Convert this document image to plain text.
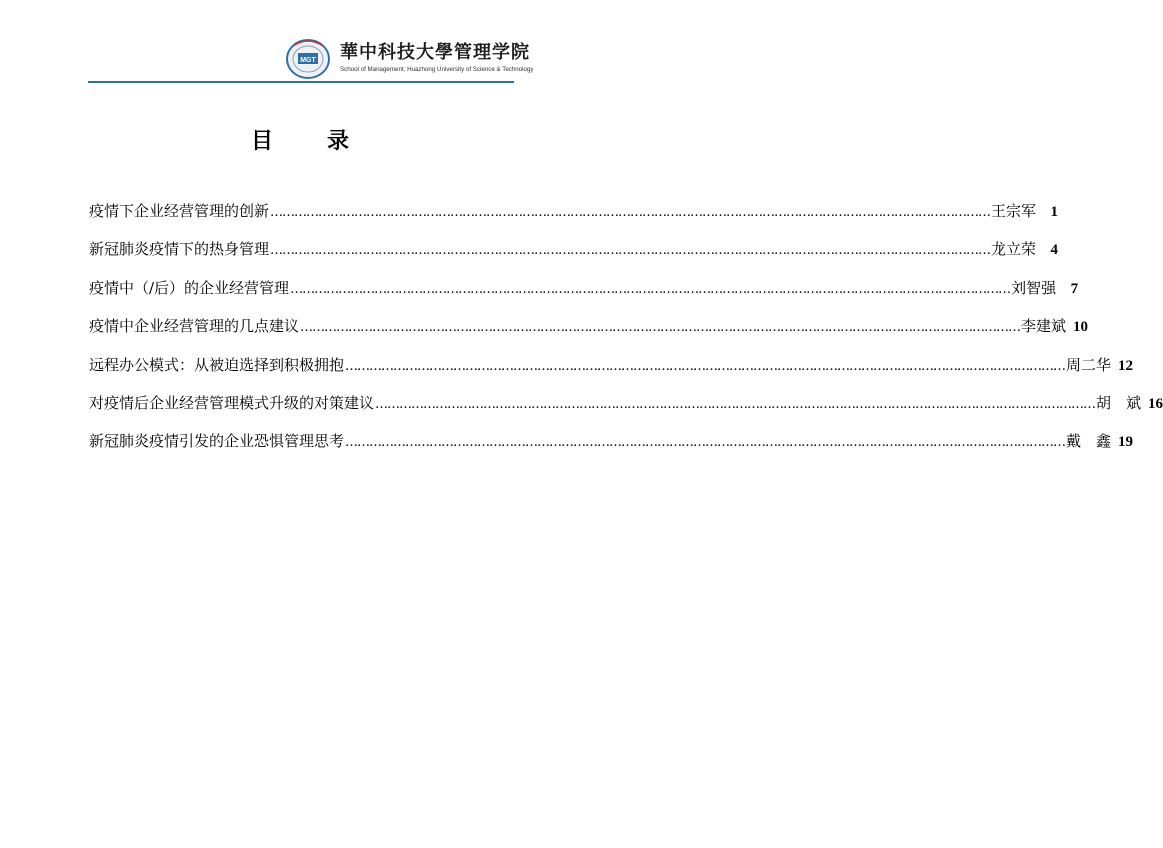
MGT 華中科技大學管理学院
School of Management, Huazhong University of Science & Technology
目　录
疫情下企业经营管理的创新 ……………………………………………………………………………………………………………………………………………………………… 王宗军 1
新冠肺炎疫情下的热身管理 ……………………………………………………………………………………………………………………………………………………………… 龙立荣 4
疫情中（/后）的企业经营管理 ……………………………………………………………………………………………………………………………………………………………… 刘智强 7
疫情中企业经营管理的几点建议 ……………………………………………………………………………………………………………………………………………………………… 李建斌 10
远程办公模式：从被迫选择到积极拥抱 ……………………………………………………………………………………………………………………………………………………………… 周二华 12
对疫情后企业经营管理模式升级的对策建议 ……………………………………………………………………………………………………………………………………………………………… 胡　斌 16
新冠肺炎疫情引发的企业恐惧管理思考 ……………………………………………………………………………………………………………………………………………………………… 戴　鑫 19
